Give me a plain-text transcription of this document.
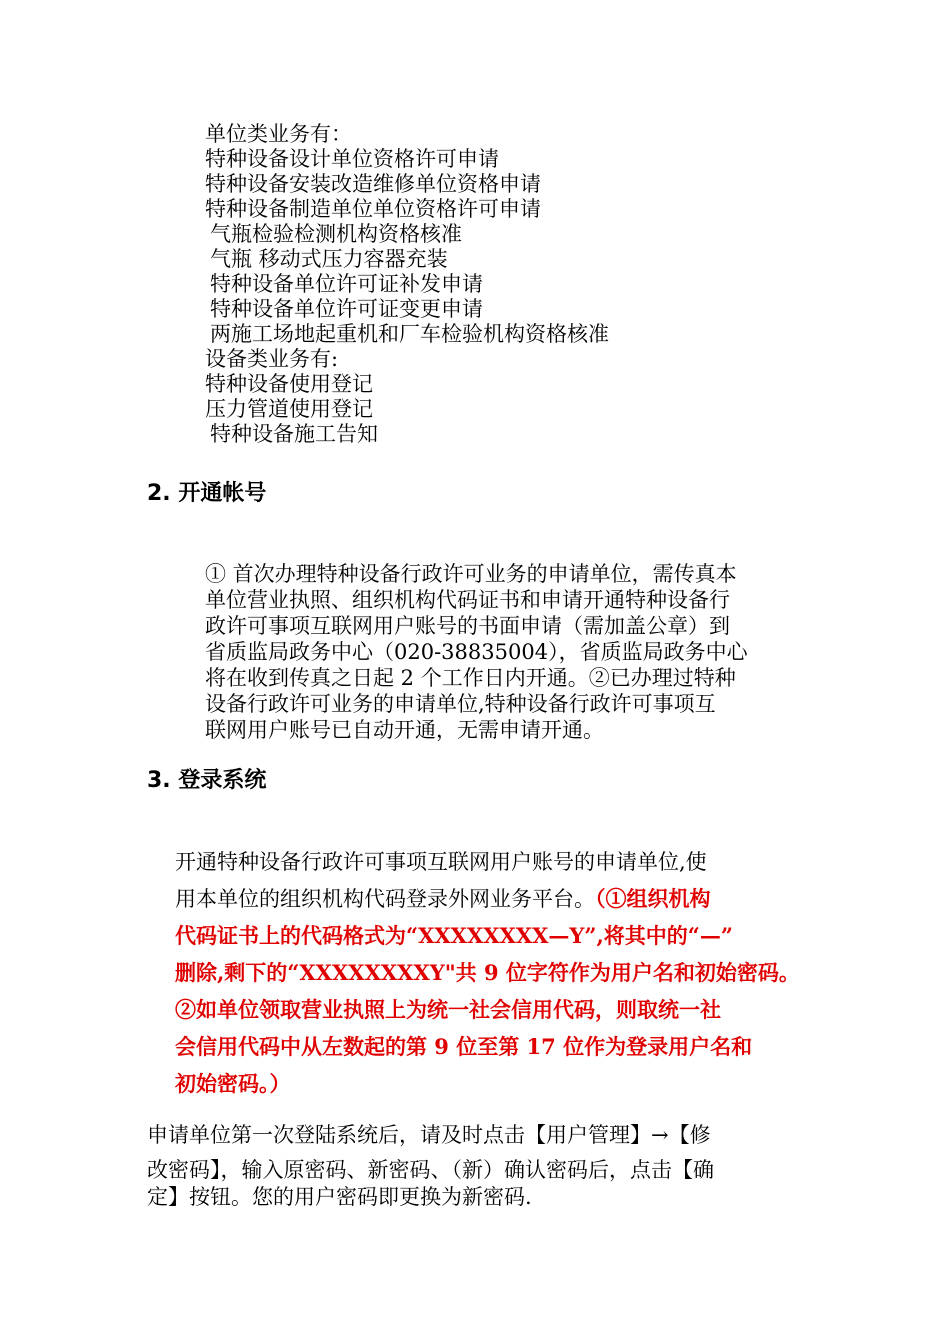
单位类业务有：
特种设备设计单位资格许可申请
特种设备安装改造维修单位资格申请
特种设备制造单位单位资格许可申请
气瓶检验检测机构资格核准
气瓶 移动式压力容器充装
特种设备单位许可证补发申请
特种设备单位许可证变更申请
两施工场地起重机和厂车检验机构资格核准
设备类业务有:
特种设备使用登记
压力管道使用登记
特种设备施工告知
2. 开通帐号
① 首次办理特种设备行政许可业务的申请单位，需传真本
单位营业执照、组织机构代码证书和申请开通特种设备行
政许可事项互联网用户账号的书面申请（需加盖公章）到
省质监局政务中心（020-38835004），省质监局政务中心
将在收到传真之日起 2 个工作日内开通。②已办理过特种
设备行政许可业务的申请单位,特种设备行政许可事项互
联网用户账号已自动开通，无需申请开通。
3. 登录系统
开通特种设备行政许可事项互联网用户账号的申请单位,使
用本单位的组织机构代码登录外网业务平台。（①组织机构
代码证书上的代码格式为“XXXXXXXX—Y”,将其中的“—”
删除,剩下的“XXXXXXXXY"共 9 位字符作为用户名和初始密码。
②如单位领取营业执照上为统一社会信用代码，则取统一社
会信用代码中从左数起的第 9 位至第 17 位作为登录用户名和
初始密码。）
申请单位第一次登陆系统后，请及时点击【用户管理】→【修
改密码】，输入原密码、新密码、（新）确认密码后，点击【确
定】按钮。您的用户密码即更换为新密码.
